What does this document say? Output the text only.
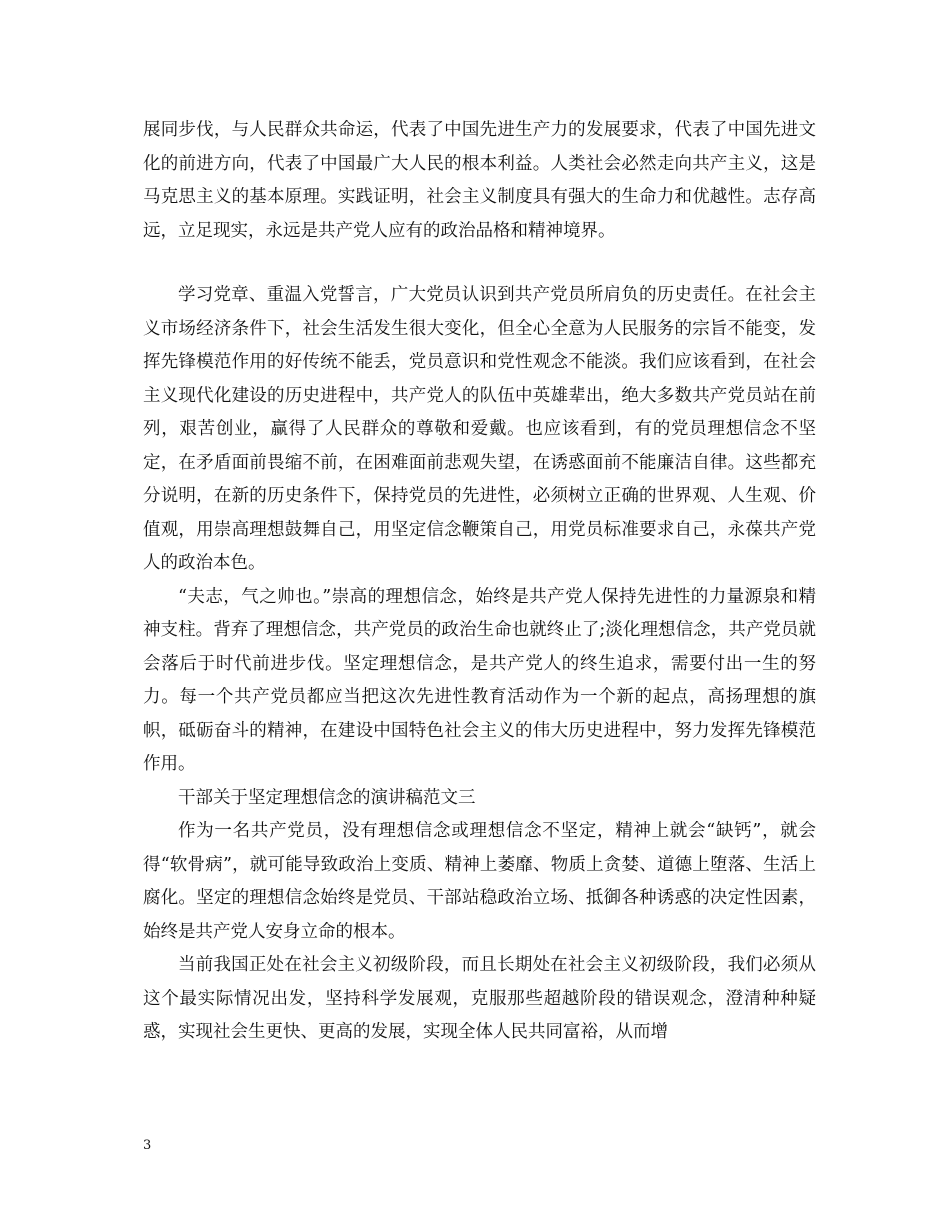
展同步伐，与人民群众共命运，代表了中国先进生产力的发展要求，代表了中国先进文化的前进方向，代表了中国最广大人民的根本利益。人类社会必然走向共产主义，这是马克思主义的基本原理。实践证明，社会主义制度具有强大的生命力和优越性。志存高远，立足现实，永远是共产党人应有的政治品格和精神境界。

学习党章、重温入党誓言，广大党员认识到共产党员所肩负的历史责任。在社会主义市场经济条件下，社会生活发生很大变化，但全心全意为人民服务的宗旨不能变，发挥先锋模范作用的好传统不能丢，党员意识和党性观念不能淡。我们应该看到，在社会主义现代化建设的历史进程中，共产党人的队伍中英雄辈出，绝大多数共产党员站在前列，艰苦创业，赢得了人民群众的尊敬和爱戴。也应该看到，有的党员理想信念不坚定，在矛盾面前畏缩不前，在困难面前悲观失望，在诱惑面前不能廉洁自律。这些都充分说明，在新的历史条件下，保持党员的先进性，必须树立正确的世界观、人生观、价值观，用崇高理想鼓舞自己，用坚定信念鞭策自己，用党员标准要求自己，永葆共产党人的政治本色。

“夫志，气之帅也。”崇高的理想信念，始终是共产党人保持先进性的力量源泉和精神支柱。背弃了理想信念，共产党员的政治生命也就终止了;淡化理想信念，共产党员就会落后于时代前进步伐。坚定理想信念，是共产党人的终生追求，需要付出一生的努力。每一个共产党员都应当把这次先进性教育活动作为一个新的起点，高扬理想的旗帜，砥砺奋斗的精神，在建设中国特色社会主义的伟大历史进程中，努力发挥先锋模范作用。

干部关于坚定理想信念的演讲稿范文三

作为一名共产党员，没有理想信念或理想信念不坚定，精神上就会“缺钙”，就会得“软骨病”，就可能导致政治上变质、精神上萎靡、物质上贪婪、道德上堕落、生活上腐化。坚定的理想信念始终是党员、干部站稳政治立场、抵御各种诱惑的决定性因素，始终是共产党人安身立命的根本。

当前我国正处在社会主义初级阶段，而且长期处在社会主义初级阶段，我们必须从这个最实际情况出发，坚持科学发展观，克服那些超越阶段的错误观念，澄清种种疑惑，实现社会生更快、更高的发展，实现全体人民共同富裕，从而增

3
